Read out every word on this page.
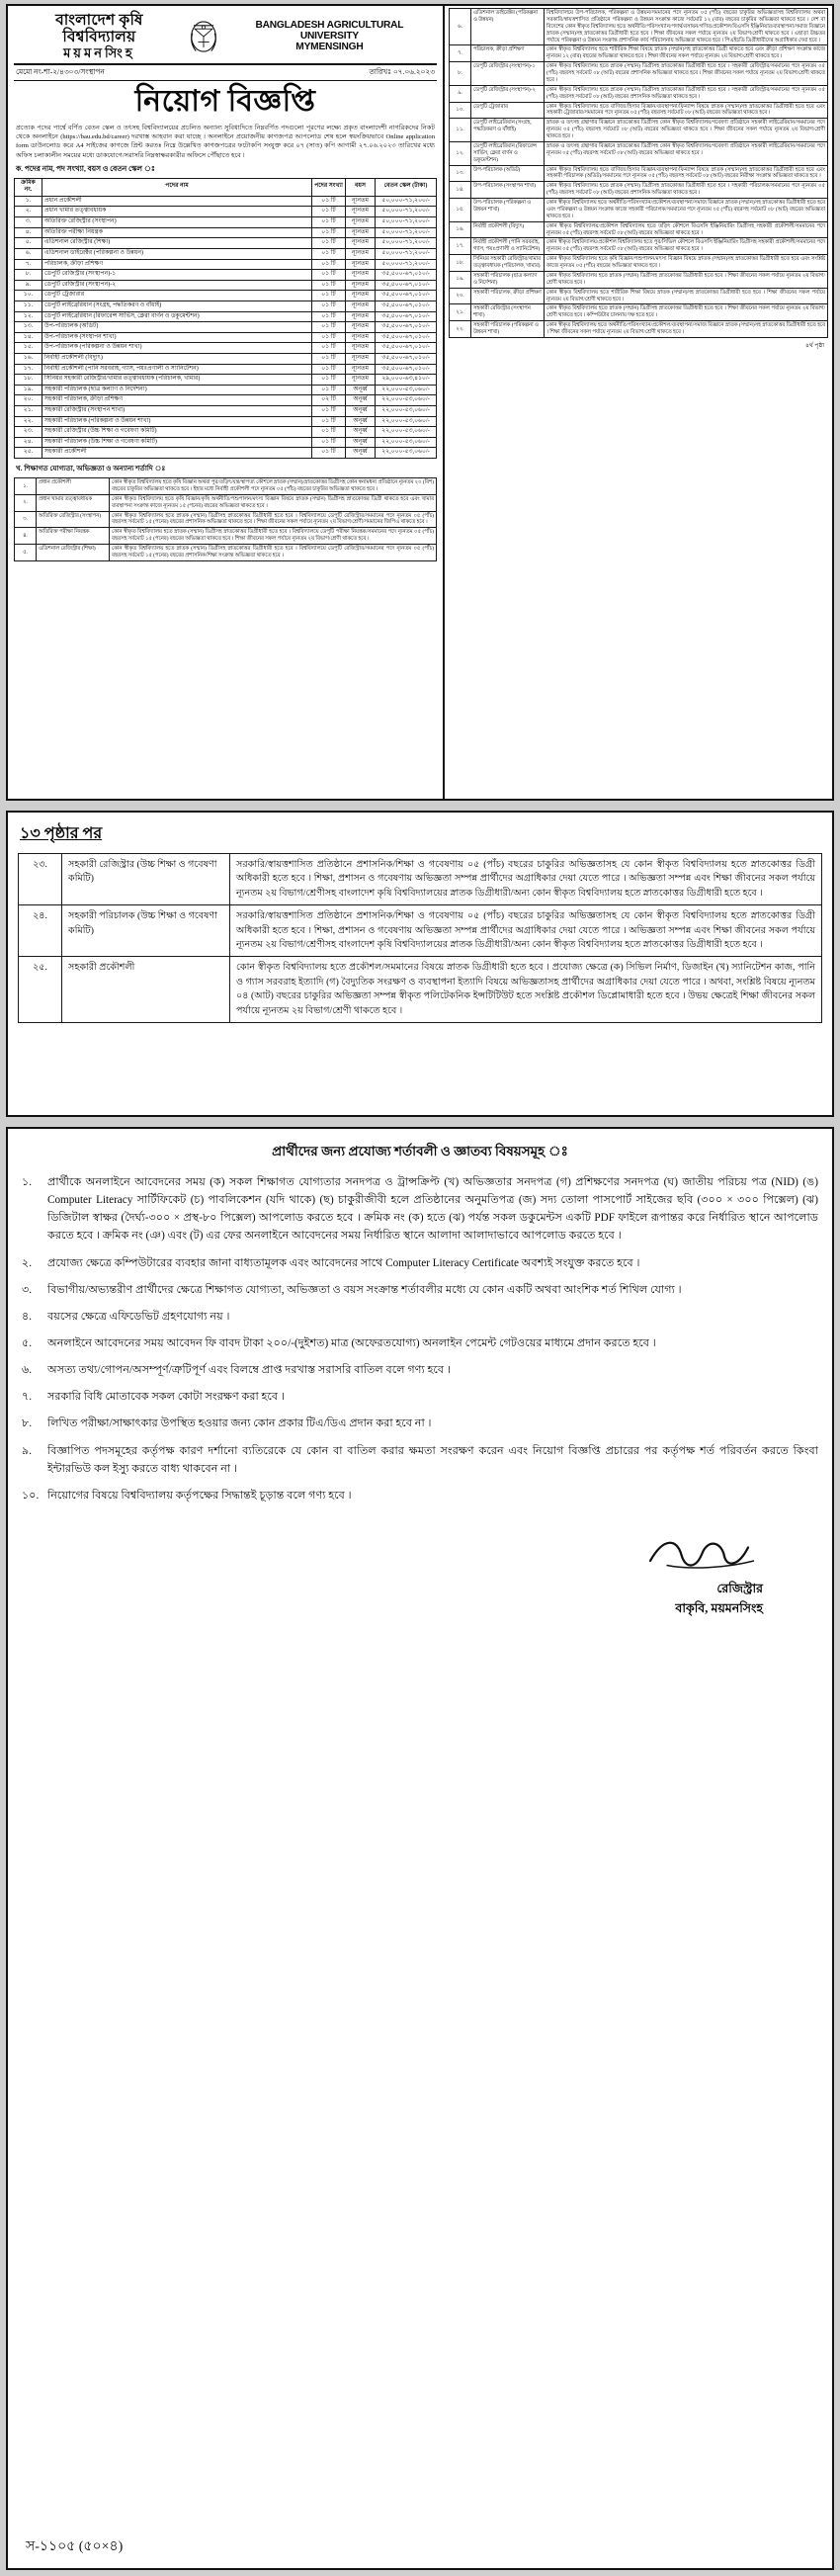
বাংলাদেশ কৃষি বিশ্ববিদ্যালয়
ময়মনসিংহ
BANGLADESH AGRICULTURAL UNIVERSITY
MYMENSINGH
মেমো নং-শা-২/৪৩০৩/সংস্থাপন	তারিখঃ ০৭.০৬.২০২৩
নিয়োগ বিজ্ঞপ্তি
প্রত্যেক পদের পার্শ্বে বর্ণিত বেতন স্কেল ও তৎসহ বিশ্ববিদ্যালয়ের প্রচলিত অন্যান্য সুবিধাদিতে নিম্নবর্ণিত পদগুলো পূরণের লক্ষ্যে প্রকৃত বাংলাদেশী নাগরিকদের নিকট থেকে অনলাইনে (https://bau.edu.bd/career) দরখাস্ত আহবান করা যাচ্ছে । অনলাইনে প্রয়োজনীয় কাগজপত্র আপলোড শেষ হলে স্বয়ংক্রিয়ভাবে Online application form ডাউনলোড করে A4 সাইজের কাগজে প্রিন্ট করতঃ নিম্নে উল্লেখিত কাগজপত্রের ফটোকপি সংযুক্ত করে ০৭ (সাত) কপি আগামী ২৭.০৬.২০২৩ তারিখের মধ্যে অফিস চলাকালীন সময়ের মধ্যে ডাকযোগে/সরাসরি নিম্নস্বাক্ষরকারীর অফিসে পৌঁছাতে হবে ।
ক. পদের নাম, পদ সংখ্যা, বয়স ও বেতন স্কেল ঃ
ক্রমিক নং.	পদের নাম	পদের সংখ্যা	বয়স	বেতন স্কেল (টাকা)
১.	প্রধান প্রকৌশলী	০১ টি	ন্যূনতম	৫০,০০০-৭১,২০০/-
২.	প্রধান খামার তত্ত্বাবধায়ক	০১ টি	ন্যূনতম	৫০,০০০-৭১,২০০/-
৩.	অতিরিক্ত রেজিস্ট্রার (সংস্থাপন)	০১ টি	ন্যূনতম	৫০,০০০-৭১,২০০/-
৪.	অতিরিক্ত পরীক্ষা নিয়ন্ত্রক	০১ টি	ন্যূনতম	৫০,০০০-৭১,২০০/-
৫.	এডিশনাল রেজিস্ট্রার (শিক্ষা)	০১ টি	ন্যূনতম	৫০,০০০-৭১,২০০/-
৬.	এডিশনাল ডাইরেক্টর (পরিকল্পনা ও উন্নয়ন)	০১ টি	ন্যূনতম	৫০,০০০-৭১,২০০/-
৭.	পরিচালক, ক্রীড়া প্রশিক্ষণ	০১ টি	ন্যূনতম	৫০,০০০-৭১,২০০/-
৮.	ডেপুটি রেজিস্ট্রার (সংস্থাপন)-১	০১ টি	ন্যূনতম	৩৫,৫০০-৬৭,০১০/-
৯.	ডেপুটি রেজিস্ট্রার (সংস্থাপন)-২	০১ টি	ন্যূনতম	৩৫,৫০০-৬৭,০১০/-
১০.	ডেপুটি ট্রেজারার	০১ টি	ন্যূনতম	৩৫,৫০০-৬৭,০১০/-
১১.	ডেপুটি লাইব্রেরিয়ান (সংগ্রহ, পদ্ধতিকরণ ও বাঁধাই)	০১ টি	ন্যূনতম	৩৫,৫০০-৬৭,০১০/-
১২.	ডেপুটি লাইব্রেরিয়ান (রিফারেন্স সার্ভিস, ক্লেরা বার্ণন ও ডকুমেন্টশন)	০১ টি	ন্যূনতম	৩৫,৫০০-৬৭,০১০/-
১৩.	উপ-পরিচালক (অডিট)	০১ টি	ন্যূনতম	৩৫,৫০০-৬৭,০১০/-
১৪.	উপ-পরিচালক (সংস্থাপন শাখা)	০১ টি	ন্যূনতম	৩৫,৫০০-৬৭,০১০/-
১৫.	উপ-পরিচালক (পরিকল্পনা ও উন্নয়ন শাখা)	০১ টি	ন্যূনতম	৩৫,৫০০-৬৭,০১০/-
১৬.	নির্বাহী প্রকৌশলী (বিদ্যুৎ)	০১ টি	ন্যূনতম	৩৫,৫০০-৬৭,০১০/-
১৭.	নির্বাহী প্রকৌশলী (পানি সরবরাহ, গ্যাস, পয়ঃপ্রণালী ও স্যানিটেশন)	০১ টি	ন্যূনতম	৩৫,৫০০-৬৭,০১০/-
১৮.	সিনিয়র সহকারী রেজিস্ট্রার/খামার তত্ত্বাবধায়ক (পরিচালক, খামার)	০১ টি	ন্যূনতম	২৯,০০০-৬৩,৪১০/-
১৯.	সহকারী পরিচালক (ছাত্র কল্যাণ ও নির্দেশনা)	০১ টি	অনূর্ধ্ব	২২,০০০-৫৩,০৬০/-
২০.	সহকারী পরিচালক, ক্রীড়া প্রশিক্ষণ	০২ টি	অনূর্ধ্ব	২২,০০০-৫৩,০৬০/-
২১.	সহকারী রেজিস্ট্রার (সংস্থাপন শাখা)	০১ টি	অনূর্ধ্ব	২২,০০০-৫৩,০৬০/-
২২.	সহকারী পরিচালক (পরিকল্পনা ও উন্নয়ন শাখা)	০১ টি	অনূর্ধ্ব	২২,০০০-৫৩,০৬০/-
২৩.	সহকারী রেজিস্ট্রার (উচ্চ শিক্ষা ও গবেষণা কমিটি)	০১ টি	অনূর্ধ্ব	২২,০০০-৫৩,০৬০/-
২৪.	সহকারী পরিচালক (উচ্চ শিক্ষা ও গবেষণা কমিটি)	০১ টি	অনূর্ধ্ব	২২,০০০-৫৩,০৬০/-
২৫.	সহকারী প্রকৌশলী	০১ টি	অনূর্ধ্ব	২২,০০০-৫৩,০৬০/-
খ. শিক্ষাগত যোগ্যতা, অভিজ্ঞতা ও অন্যান্য শর্তাদি ঃ
১.	প্রধান প্রকৌশলী	কোন স্বীকৃত বিশ্ববিদ্যালয় হতে কৃষি বিজ্ঞান অথবা পুর/তড়িৎ/যন্ত্র/স্থাপত্য কৌশলে স্নাতক (সম্মান)/স্নাতকোত্তর ডিগ্রীসহ কোন স্বনামধন্য প্রতিষ্ঠানে ন্যূনতম ২০ (বিশ) বছরের চাকুরির অভিজ্ঞতা থাকতে হবে । ইহার মধ্যে নির্বাহী প্রকৌশলী পদে ন্যূনতম ০৫ (পাঁচ) বছরের চাকুরির অভিজ্ঞতা থাকতে হবে ।
২.	প্রধান খামার তত্ত্বাবধায়ক	কোন স্বীকৃত বিশ্ববিদ্যালয় হতে কৃষি বিজ্ঞান/কৃষি অর্থনীতি/পশুপালন/মৎস্য বিজ্ঞান বিষয়ে স্নাতক (সম্মান) ডিগ্রীসহ স্নাতকোত্তর ডিগ্রী থাকতে হবে এবং খামার ব্যবস্থাপনা সংক্রান্ত কাজে ন্যূনতম ১৫ (পনের) বছরের অভিজ্ঞতা থাকতে হবে ।
৩.	অতিরিক্ত রেজিস্ট্রার (সংস্থাপন)	কোন স্বীকৃত বিশ্ববিদ্যালয় হতে স্নাতক (সম্মান) ডিগ্রীসহ স্নাতকোত্তর ডিগ্রীধারী হতে হবে । বিশ্ববিদ্যালয়ে ডেপুটি রেজিস্ট্রার/সমমানের পদে ন্যূনতম ০৫ (পাঁচ) বছরসহ সর্বমোট ১৫ (পনের) বছরের প্রশাসনিক অভিজ্ঞতা থাকতে হবে । শিক্ষা জীবনের সকল পর্যায়ে ন্যূনতম ২য় বিভাগ/শ্রেণী/সমমানের জিপিএ থাকতে হবে ।
৪.	অতিরিক্ত পরীক্ষা নিয়ন্ত্রক	কোন স্বীকৃত বিশ্ববিদ্যালয় হতে স্নাতক (সম্মান) ডিগ্রীসহ স্নাতকোত্তর ডিগ্রীধারী হতে হবে । বিশ্ববিদ্যালয়ে ডেপুটি পরীক্ষা নিয়ন্ত্রক/সমমানের পদে ন্যূনতম ০৫ (পাঁচ) বছরসহ সর্বমোট ১৫ (পনের) বছরের অভিজ্ঞতা থাকতে হবে । শিক্ষা জীবনের সকল পর্যায়ে ন্যূনতম ২য় বিভাগ/শ্রেণী থাকতে হবে ।
৫.	এডিশনাল রেজিস্ট্রার (শিক্ষা)	কোন স্বীকৃত বিশ্ববিদ্যালয় হতে স্নাতক (সম্মান) ডিগ্রীসহ স্নাতকোত্তর ডিগ্রীধারী হতে হবে । বিশ্ববিদ্যালয়ে ডেপুটি রেজিস্ট্রার/সমমানের পদে ন্যূনতম ০৫ (পাঁচ) বছরসহ সর্বমোট ১৫ (পনের) বছরের প্রশাসনিক/শিক্ষা সংক্রান্ত অভিজ্ঞতা থাকতে হবে ।
৬.	এডিশনাল ডাইরেক্টর (পরিকল্পনা ও উন্নয়ন)	বিশ্ববিদ্যালয়ে উপ-পরিচালক, পরিকল্পনা ও উন্নয়ন/সমমানের পদে ন্যূনতম ০৫ (পাঁচ) বছরের চাকুরির অভিজ্ঞতাসহ বিশ্ববিদ্যালয় অথবা সরকারি/স্বায়ত্তশাসিত প্রতিষ্ঠানে পরিকল্পনা ও উন্নয়ন সংক্রান্ত কাজে সর্বমোট ১২ (বার) বছরের চাকুরির অভিজ্ঞতা থাকতে হবে । দেশ বা বিদেশের কোন স্বীকৃত বিশ্ববিদ্যালয় হতে অর্থনীতি/পরিসংখ্যান/পদার্থ/রসায়ন/গণিত/প্রকৌশল/বিএসসি ইঞ্জিনিয়ার/ব্যবস্থাপনা/সমাজ বিজ্ঞানে স্নাতক (সম্মান)সহ স্নাতকোত্তর ডিগ্রীধারী হতে হবে । শিক্ষা জীবনের সকল পর্যায়ে ন্যূনতম ২য় বিভাগ/শ্রেণী থাকতে হবে । এছাড়া উচ্চতর পর্যায়ে পরিকল্পনা ও উন্নয়ন সংক্রান্ত প্রশাসনিক কার্য পরিচালনায় অভিজ্ঞতা থাকতে হবে । পিএইচডি ডিগ্রীধারীদের অগ্রাধিকার দেয়া হবে ।
৭.	পরিচালক, ক্রীড়া প্রশিক্ষণ	কোন স্বীকৃত বিশ্ববিদ্যালয় হতে শারীরিক শিক্ষা বিষয়ে স্নাতক (সম্মান)সহ স্নাতকোত্তর ডিগ্রী থাকতে হবে এবং ক্রীড়া প্রশিক্ষণ সংক্রান্ত কাজে ন্যূনতম ১২ (বার) বছরের অভিজ্ঞতা থাকতে হবে । শিক্ষা জীবনের সকল পর্যায়ে ন্যূনতম ২য় বিভাগ/শ্রেণী থাকতে হবে ।
৮.	ডেপুটি রেজিস্ট্রার (সংস্থাপন)-১	কোন স্বীকৃত বিশ্ববিদ্যালয় হতে স্নাতক (সম্মান) ডিগ্রীসহ স্নাতকোত্তর ডিগ্রীধারী হতে হবে । সহকারী রেজিস্ট্রার/সমমানের পদে ন্যূনতম ০৫ (পাঁচ) বছরসহ সর্বমোট ০৮ (আট) বছরের প্রশাসনিক অভিজ্ঞতা থাকতে হবে । শিক্ষা জীবনের সকল পর্যায়ে ন্যূনতম ২য় বিভাগ/শ্রেণী থাকতে হবে ।
৯.	ডেপুটি রেজিস্ট্রার (সংস্থাপন)-২	কোন স্বীকৃত বিশ্ববিদ্যালয় হতে স্নাতক (সম্মান) ডিগ্রীসহ স্নাতকোত্তর ডিগ্রীধারী হতে হবে । সহকারী রেজিস্ট্রার/সমমানের পদে ন্যূনতম ০৫ (পাঁচ) বছরসহ সর্বমোট ০৮ (আট) বছরের প্রশাসনিক অভিজ্ঞতা থাকতে হবে ।
১০.	ডেপুটি ট্রেজারার	কোন স্বীকৃত বিশ্ববিদ্যালয় হতে বাণিজ্য/হিসাব বিজ্ঞান/ব্যবস্থাপনা/ফিন্যান্স বিষয়ে স্নাতক (সম্মান)সহ স্নাতকোত্তর ডিগ্রীধারী হতে হবে এবং সহকারী ট্রেজারার/সমমানের পদে ন্যূনতম ০৫ (পাঁচ) বছরসহ সর্বমোট ০৮ (আট) বছরের অভিজ্ঞতা থাকতে হবে ।
১১.	ডেপুটি লাইব্রেরিয়ান (সংগ্রহ, পদ্ধতিকরণ ও বাঁধাই)	স্নাতক ও তৎসহ গ্রন্থাগার বিজ্ঞানে স্নাতকোত্তর ডিগ্রীসহ কোন স্বীকৃত বিশ্ববিদ্যালয়/গবেষণা প্রতিষ্ঠানে সহকারী লাইব্রেরিয়ান/সমমানের পদে ন্যূনতম ০৫ (পাঁচ) বছরসহ সর্বমোট ০৮ (আট) বছরের অভিজ্ঞতা থাকতে হবে । শিক্ষা জীবনের সকল পর্যায়ে ন্যূনতম ২য় বিভাগ/শ্রেণী থাকতে হবে ।
১২.	ডেপুটি লাইব্রেরিয়ান (রিফারেন্স সার্ভিস, ক্লেরা বার্ণন ও ডকুমেন্টশন)	স্নাতক ও তৎসহ গ্রন্থাগার বিজ্ঞানে স্নাতকোত্তর ডিগ্রীসহ কোন স্বীকৃত বিশ্ববিদ্যালয়/গবেষণা প্রতিষ্ঠানে সহকারী লাইব্রেরিয়ান/সমমানের পদে ন্যূনতম ০৫ (পাঁচ) বছরসহ সর্বমোট ০৮ (আট) বছরের অভিজ্ঞতা থাকতে হবে ।
১৩.	উপ-পরিচালক (অডিট)	কোন স্বীকৃত বিশ্ববিদ্যালয় হতে বাণিজ্য/হিসাব বিজ্ঞান/ব্যবস্থাপনা/ফিন্যান্স বিষয়ে স্নাতক (সম্মান)সহ স্নাতকোত্তর ডিগ্রীধারী হতে হবে এবং সহকারী পরিচালক (অডিট)/সমমানের পদে ন্যূনতম ০৫ (পাঁচ) বছরসহ সর্বমোট ০৮ (আট) বছরের নিরীক্ষা সংক্রান্ত অভিজ্ঞতা থাকতে হবে ।
১৪.	উপ-পরিচালক (সংস্থাপন শাখা)	কোন স্বীকৃত বিশ্ববিদ্যালয় হতে স্নাতক (সম্মান) ডিগ্রীসহ স্নাতকোত্তর ডিগ্রীধারী হতে হবে । সহকারী পরিচালক/সমমানের পদে ন্যূনতম ০৫ (পাঁচ) বছরসহ সর্বমোট ০৮ (আট) বছরের প্রশাসনিক অভিজ্ঞতা থাকতে হবে ।
১৫.	উপ-পরিচালক (পরিকল্পনা ও উন্নয়ন শাখা)	কোন স্বীকৃত বিশ্ববিদ্যালয় হতে অর্থনীতি/পরিসংখ্যান/প্রকৌশল/ব্যবস্থাপনা/সমাজ বিজ্ঞানে স্নাতক (সম্মান)সহ স্নাতকোত্তর ডিগ্রীধারী হতে হবে এবং পরিকল্পনা ও উন্নয়ন সংক্রান্ত কাজে সহকারী পরিচালক/সমমানের পদে ন্যূনতম ০৫ (পাঁচ) বছরসহ সর্বমোট ০৮ (আট) বছরের অভিজ্ঞতা থাকতে হবে ।
১৬.	নির্বাহী প্রকৌশলী (বিদ্যুৎ)	কোন স্বীকৃত বিশ্ববিদ্যালয়/প্রকৌশল বিশ্ববিদ্যালয় হতে তড়িৎ কৌশলে বিএসসি ইঞ্জিনিয়ারিং ডিগ্রীসহ সহকারী প্রকৌশলী/সমমানের পদে ন্যূনতম ০৫ (পাঁচ) বছরসহ সর্বমোট ০৮ (আট) বছরের অভিজ্ঞতা থাকতে হবে ।
১৭.	নির্বাহী প্রকৌশলী (পানি সরবরাহ, গ্যাস, পয়ঃপ্রণালী ও স্যানিটেশন)	কোন স্বীকৃত বিশ্ববিদ্যালয়/প্রকৌশল বিশ্ববিদ্যালয় হতে পুর/সিভিল কৌশলে বিএসসি ইঞ্জিনিয়ারিং ডিগ্রীসহ সহকারী প্রকৌশলী/সমমানের পদে ন্যূনতম ০৫ (পাঁচ) বছরসহ সর্বমোট ০৮ (আট) বছরের অভিজ্ঞতা থাকতে হবে ।
১৮.	সিনিয়র সহকারী রেজিস্ট্রার/খামার তত্ত্বাবধায়ক (পরিচালক, খামার)	কোন স্বীকৃত বিশ্ববিদ্যালয় হতে কৃষি বিজ্ঞান/পশুপালন/মৎস্য বিজ্ঞান বিষয়ে স্নাতক (সম্মান)সহ স্নাতকোত্তর ডিগ্রীধারী হতে হবে এবং সংশ্লিষ্ট কাজে ন্যূনতম ০৫ (পাঁচ) বছরের অভিজ্ঞতা থাকতে হবে ।
১৯.	সহকারী পরিচালক (ছাত্র কল্যাণ ও নির্দেশনা)	কোন স্বীকৃত বিশ্ববিদ্যালয় হতে স্নাতক (সম্মান) ডিগ্রীসহ স্নাতকোত্তর ডিগ্রীধারী হতে হবে । শিক্ষা জীবনের সকল পর্যায়ে ন্যূনতম ২য় বিভাগ/শ্রেণী থাকতে হবে ।
২০.	সহকারী পরিচালক, ক্রীড়া প্রশিক্ষণ	কোন স্বীকৃত বিশ্ববিদ্যালয় হতে শারীরিক শিক্ষা বিষয়ে স্নাতক (সম্মান)সহ স্নাতকোত্তর ডিগ্রীধারী হতে হবে । শিক্ষা জীবনের সকল পর্যায়ে ন্যূনতম ২য় বিভাগ/শ্রেণী থাকতে হবে ।
২১.	সহকারী রেজিস্ট্রার (সংস্থাপন শাখা)	কোন স্বীকৃত বিশ্ববিদ্যালয় হতে স্নাতক (সম্মান) ডিগ্রীসহ স্নাতকোত্তর ডিগ্রীধারী হতে হবে । শিক্ষা জীবনের সকল পর্যায়ে ন্যূনতম ২য় বিভাগ/শ্রেণী থাকতে হবে । কম্পিউটার চালনায় দক্ষ হতে হবে ।
২২.	সহকারী পরিচালক (পরিকল্পনা ও উন্নয়ন শাখা)	কোন স্বীকৃত বিশ্ববিদ্যালয় হতে অর্থনীতি/পরিসংখ্যান/প্রকৌশল/ব্যবস্থাপনা/সমাজ বিজ্ঞানে স্নাতক (সম্মান)সহ স্নাতকোত্তর ডিগ্রীধারী হতে হবে । শিক্ষা জীবনের সকল পর্যায়ে ন্যূনতম ২য় বিভাগ/শ্রেণী থাকতে হবে ।
৪র্থ পৃষ্ঠা
১৩ পৃষ্ঠার পর
২৩.	সহকারী রেজিস্ট্রার (উচ্চ শিক্ষা ও গবেষণা কমিটি)	সরকারি/স্বায়ত্তশাসিত প্রতিষ্ঠানে প্রশাসনিক/শিক্ষা ও গবেষণায় ০৫ (পাঁচ) বছরের চাকুরির অভিজ্ঞতাসহ যে কোন স্বীকৃত বিশ্ববিদ্যালয় হতে স্নাতকোত্তর ডিগ্রী অধিকারী হতে হবে । শিক্ষা, প্রশাসন ও গবেষণায় অভিজ্ঞতা সম্পন্ন প্রার্থীদের অগ্রাধিকার দেয়া যেতে পারে । অভিজ্ঞতা সম্পন্ন এবং শিক্ষা জীবনের সকল পর্যায়ে ন্যূনতম ২য় বিভাগ/শ্রেণীসহ বাংলাদেশ কৃষি বিশ্ববিদ্যালয়ের স্নাতক ডিগ্রীধারী/অন্য কোন স্বীকৃত বিশ্ববিদ্যালয় হতে স্নাতকোত্তর ডিগ্রীধারী হতে হবে ।
২৪.	সহকারী পরিচালক (উচ্চ শিক্ষা ও গবেষণা কমিটি)	সরকারি/স্বায়ত্তশাসিত প্রতিষ্ঠানে প্রশাসনিক/শিক্ষা ও গবেষণায় ০৫ (পাঁচ) বছরের চাকুরির অভিজ্ঞতাসহ যে কোন স্বীকৃত বিশ্ববিদ্যালয় হতে স্নাতকোত্তর ডিগ্রী অধিকারী হতে হবে । শিক্ষা, প্রশাসন ও গবেষণায় অভিজ্ঞতা সম্পন্ন প্রার্থীদের অগ্রাধিকার দেয়া যেতে পারে । অভিজ্ঞতা সম্পন্ন এবং শিক্ষা জীবনের সকল পর্যায়ে ন্যূনতম ২য় বিভাগ/শ্রেণীসহ বাংলাদেশ কৃষি বিশ্ববিদ্যালয়ের স্নাতক ডিগ্রীধারী/অন্য কোন স্বীকৃত বিশ্ববিদ্যালয় হতে স্নাতকোত্তর ডিগ্রীধারী হতে হবে ।
২৫.	সহকারী প্রকৌশলী	কোন স্বীকৃত বিশ্ববিদ্যালয় হতে প্রকৌশল/সমমানের বিষয়ে স্নাতক ডিগ্রীধারী হতে হবে । প্রযোজ্য ক্ষেত্রে (ক) সিভিল নির্মাণ, ডিজাইন (খ) স্যানিটেশন কাজ, পানি ও গ্যাস সরবরাহ ইত্যাদি (গ) বৈদ্যুতিক সংরক্ষণ ও ব্যবস্থাপনা ইত্যাদি বিষয়ে অভিজ্ঞতাসহ প্রার্থীদের অগ্রাধিকার দেয়া যেতে পারে । অথবা, সংশ্লিষ্ট বিষয়ে ন্যূনতম ০৪ (আট) বছরের চাকুরির অভিজ্ঞতা সম্পন্ন স্বীকৃত পলিটেকনিক ইন্সটিটিউট হতে সংশ্লিষ্ট প্রকৌশল ডিপ্লোমাধারী হতে হবে । উভয় ক্ষেত্রেই শিক্ষা জীবনের সকল পর্যায়ে ন্যূনতম ২য় বিভাগ/শ্রেণী থাকতে হবে ।
প্রার্থীদের জন্য প্রযোজ্য শর্তাবলী ও জ্ঞাতব্য বিষয়সমূহ ঃ
১.	প্রার্থীকে অনলাইনে আবেদনের সময় (ক) সকল শিক্ষাগত যোগ্যতার সনদপত্র ও ট্রান্সক্রিপ্ট (খ) অভিজ্ঞতার সনদপত্র (গ) প্রশিক্ষণের সনদপত্র (ঘ) জাতীয় পরিচয় পত্র (NID) (ঙ) Computer Literacy সার্টিফিকেট (চ) পাবলিকেশন (যদি থাকে) (ছ) চাকুরীজীবী হলে প্রতিষ্ঠানের অনুমতিপত্র (জ) সদ্য তোলা পাসপোর্ট সাইজের ছবি (৩০০ × ৩০০ পিক্সেল) (ঝ) ডিজিটাল স্বাক্ষর (দৈর্ঘ্য-৩০০ × প্রস্থ-৮০ পিক্সেল) আপলোড করতে হবে । ক্রমিক নং (ক) হতে (ঝ) পর্যন্ত সকল ডকুমেন্টস একটি PDF ফাইলে রূপান্তর করে নির্ধারিত স্থানে আপলোড করতে হবে । ক্রমিক নং (ঞ) এবং (ট) এর ফের অনলাইনে আবেদনের সময় নির্ধারিত স্থানে আলাদা আলাদাভাবে আপলোড করতে হবে ।
২.	প্রযোজ্য ক্ষেত্রে কম্পিউটারের ব্যবহার জানা বাধ্যতামূলক এবং আবেদনের সাথে Computer Literacy Certificate অবশ্যই সংযুক্ত করতে হবে ।
৩.	বিভাগীয়/অভ্যন্তরীণ প্রার্থীদের ক্ষেত্রে শিক্ষাগত যোগ্যতা, অভিজ্ঞতা ও বয়স সংক্রান্ত শর্তাবলীর মধ্যে যে কোন একটি অথবা আংশিক শর্ত শিথিল যোগ্য ।
৪.	বয়সের ক্ষেত্রে এফিডেভিট গ্রহণযোগ্য নয় ।
৫.	অনলাইনে আবেদনের সময় আবেদন ফি বাবদ টাকা ২০০/-(দুইশত) মাত্র (অফেরতযোগ্য) অনলাইন পেমেন্ট গেটওয়ের মাধ্যমে প্রদান করতে হবে ।
৬.	অসত্য তথ্য/গোপন/অসম্পূর্ণ/ত্রুটিপূর্ণ এবং বিলম্বে প্রাপ্ত দরখাস্ত সরাসরি বাতিল বলে গণ্য হবে ।
৭.	সরকারি বিধি মোতাবেক সকল কোটা সংরক্ষণ করা হবে ।
৮.	লিখিত পরীক্ষা/সাক্ষাৎকার উপস্থিত হওয়ার জন্য কোন প্রকার টিএ/ডিএ প্রদান করা হবে না ।
৯.	বিজ্ঞাপিত পদসমূহের কর্তৃপক্ষ কারণ দর্শানো ব্যতিরেকে যে কোন বা বাতিল করার ক্ষমতা সংরক্ষণ করেন এবং নিয়োগ বিজ্ঞপ্তি প্রচারের পর কর্তৃপক্ষ শর্ত পরিবর্তন করতে কিংবা ইন্টারভিউ কল ইস্যু করতে বাধ্য থাকবেন না ।
১০. নিয়োগের বিষয়ে বিশ্ববিদ্যালয় কর্তৃপক্ষের সিদ্ধান্তই চূড়ান্ত বলে গণ্য হবে ।
রেজিস্ট্রার
বাকৃবি, ময়মনসিংহ
স-১১০৫ (৫০×৪)
